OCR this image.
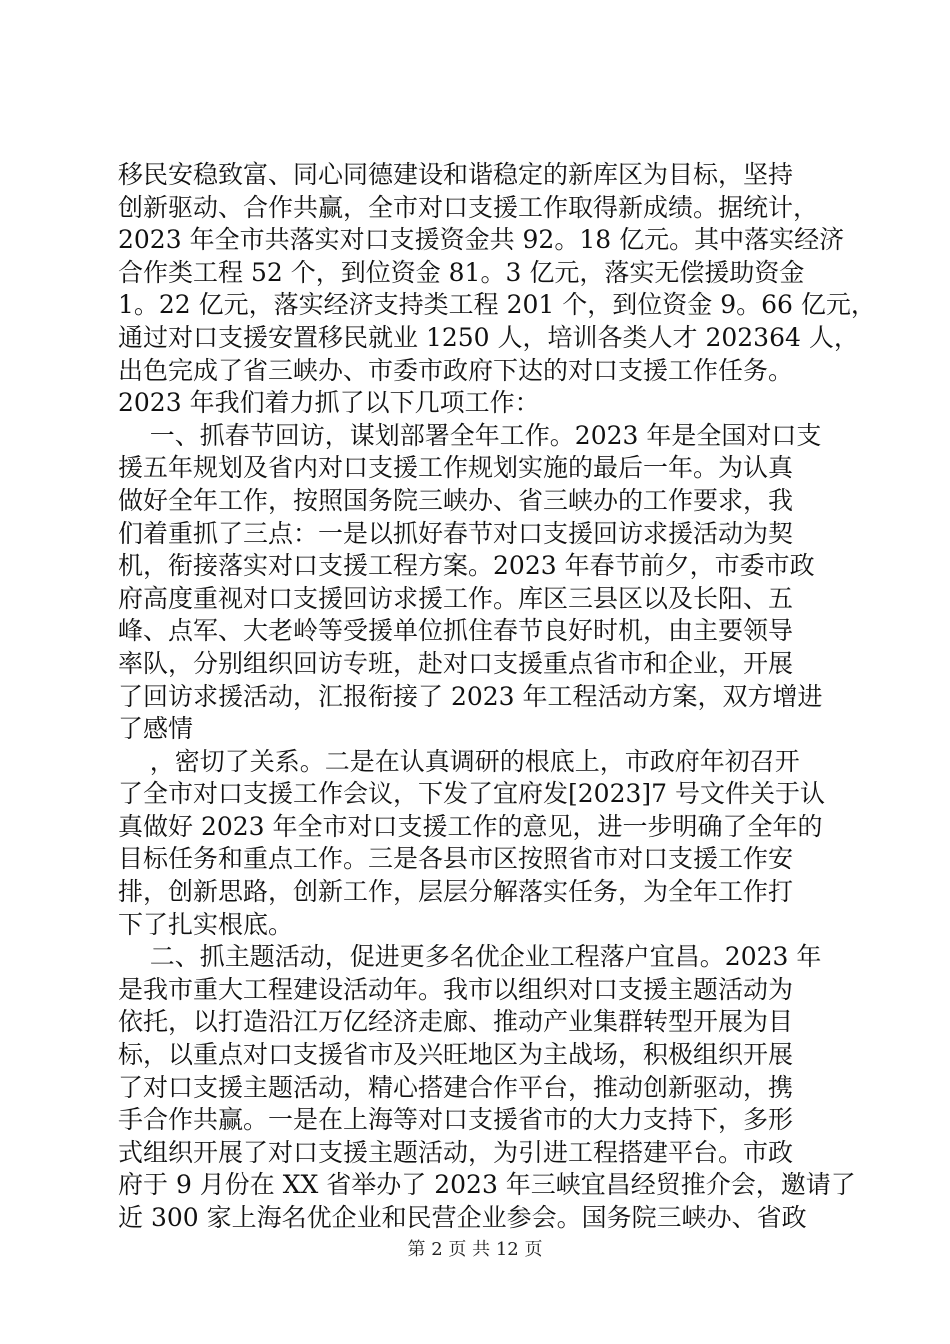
移民安稳致富、同心同德建设和谐稳定的新库区为目标，坚持
创新驱动、合作共赢，全市对口支援工作取得新成绩。据统计，
2023 年全市共落实对口支援资金共 92。18 亿元。其中落实经济
合作类工程 52 个，到位资金 81。3 亿元，落实无偿援助资金
1。22 亿元，落实经济支持类工程 201 个，到位资金 9。66 亿元，
通过对口支援安置移民就业 1250 人，培训各类人才 202364 人，
出色完成了省三峡办、市委市政府下达的对口支援工作任务。
2023 年我们着力抓了以下几项工作：
一、抓春节回访，谋划部署全年工作。2023 年是全国对口支
援五年规划及省内对口支援工作规划实施的最后一年。为认真
做好全年工作，按照国务院三峡办、省三峡办的工作要求，我
们着重抓了三点：一是以抓好春节对口支援回访求援活动为契
机，衔接落实对口支援工程方案。2023 年春节前夕，市委市政
府高度重视对口支援回访求援工作。库区三县区以及长阳、五
峰、点军、大老岭等受援单位抓住春节良好时机，由主要领导
率队，分别组织回访专班，赴对口支援重点省市和企业，开展
了回访求援活动，汇报衔接了 2023 年工程活动方案，双方增进
了感情
，密切了关系。二是在认真调研的根底上，市政府年初召开
了全市对口支援工作会议，下发了宜府发[2023]7 号文件关于认
真做好 2023 年全市对口支援工作的意见，进一步明确了全年的
目标任务和重点工作。三是各县市区按照省市对口支援工作安
排，创新思路，创新工作，层层分解落实任务，为全年工作打
下了扎实根底。
二、抓主题活动，促进更多名优企业工程落户宜昌。2023 年
是我市重大工程建设活动年。我市以组织对口支援主题活动为
依托，以打造沿江万亿经济走廊、推动产业集群转型开展为目
标，以重点对口支援省市及兴旺地区为主战场，积极组织开展
了对口支援主题活动，精心搭建合作平台，推动创新驱动，携
手合作共赢。一是在上海等对口支援省市的大力支持下，多形
式组织开展了对口支援主题活动，为引进工程搭建平台。市政
府于 9 月份在 XX 省举办了 2023 年三峡宜昌经贸推介会，邀请了
近 300 家上海名优企业和民营企业参会。国务院三峡办、省政
第 2 页 共 12 页
